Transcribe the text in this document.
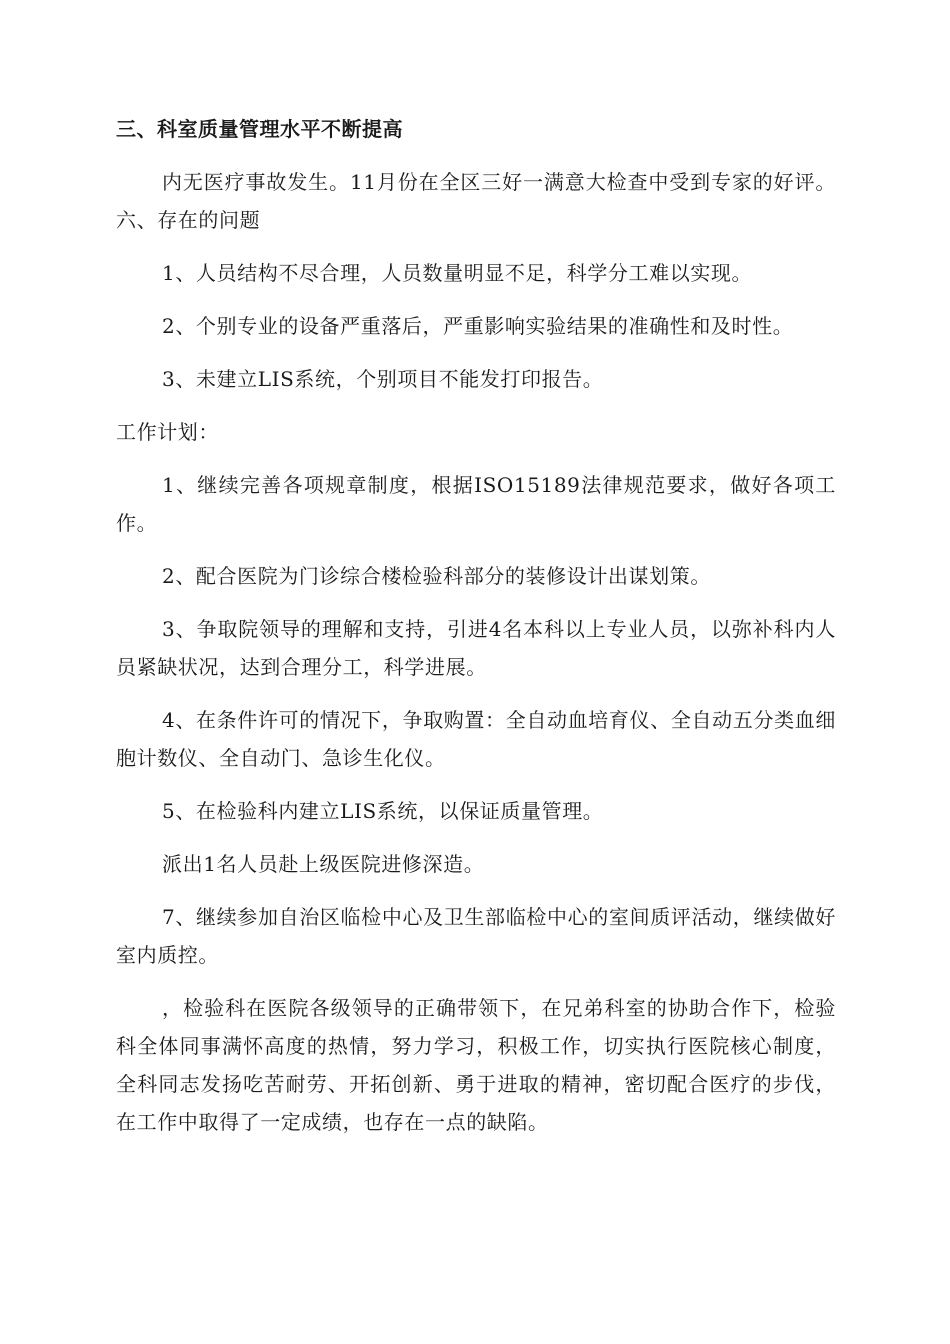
三、科室质量管理水平不断提高

内无医疗事故发生。11月份在全区三好一满意大检查中受到专家的好评。六、存在的问题

1、人员结构不尽合理，人员数量明显不足，科学分工难以实现。

2、个别专业的设备严重落后，严重影响实验结果的准确性和及时性。

3、未建立LIS系统，个别项目不能发打印报告。

工作计划：

1、继续完善各项规章制度，根据ISO15189法律规范要求，做好各项工作。

2、配合医院为门诊综合楼检验科部分的装修设计出谋划策。

3、争取院领导的理解和支持，引进4名本科以上专业人员，以弥补科内人员紧缺状况，达到合理分工，科学进展。

4、在条件许可的情况下，争取购置：全自动血培育仪、全自动五分类血细胞计数仪、全自动门、急诊生化仪。

5、在检验科内建立LIS系统，以保证质量管理。

派出1名人员赴上级医院进修深造。

7、继续参加自治区临检中心及卫生部临检中心的室间质评活动，继续做好室内质控。

，检验科在医院各级领导的正确带领下，在兄弟科室的协助合作下，检验科全体同事满怀高度的热情，努力学习，积极工作，切实执行医院核心制度，全科同志发扬吃苦耐劳、开拓创新、勇于进取的精神，密切配合医疗的步伐，在工作中取得了一定成绩，也存在一点的缺陷。
